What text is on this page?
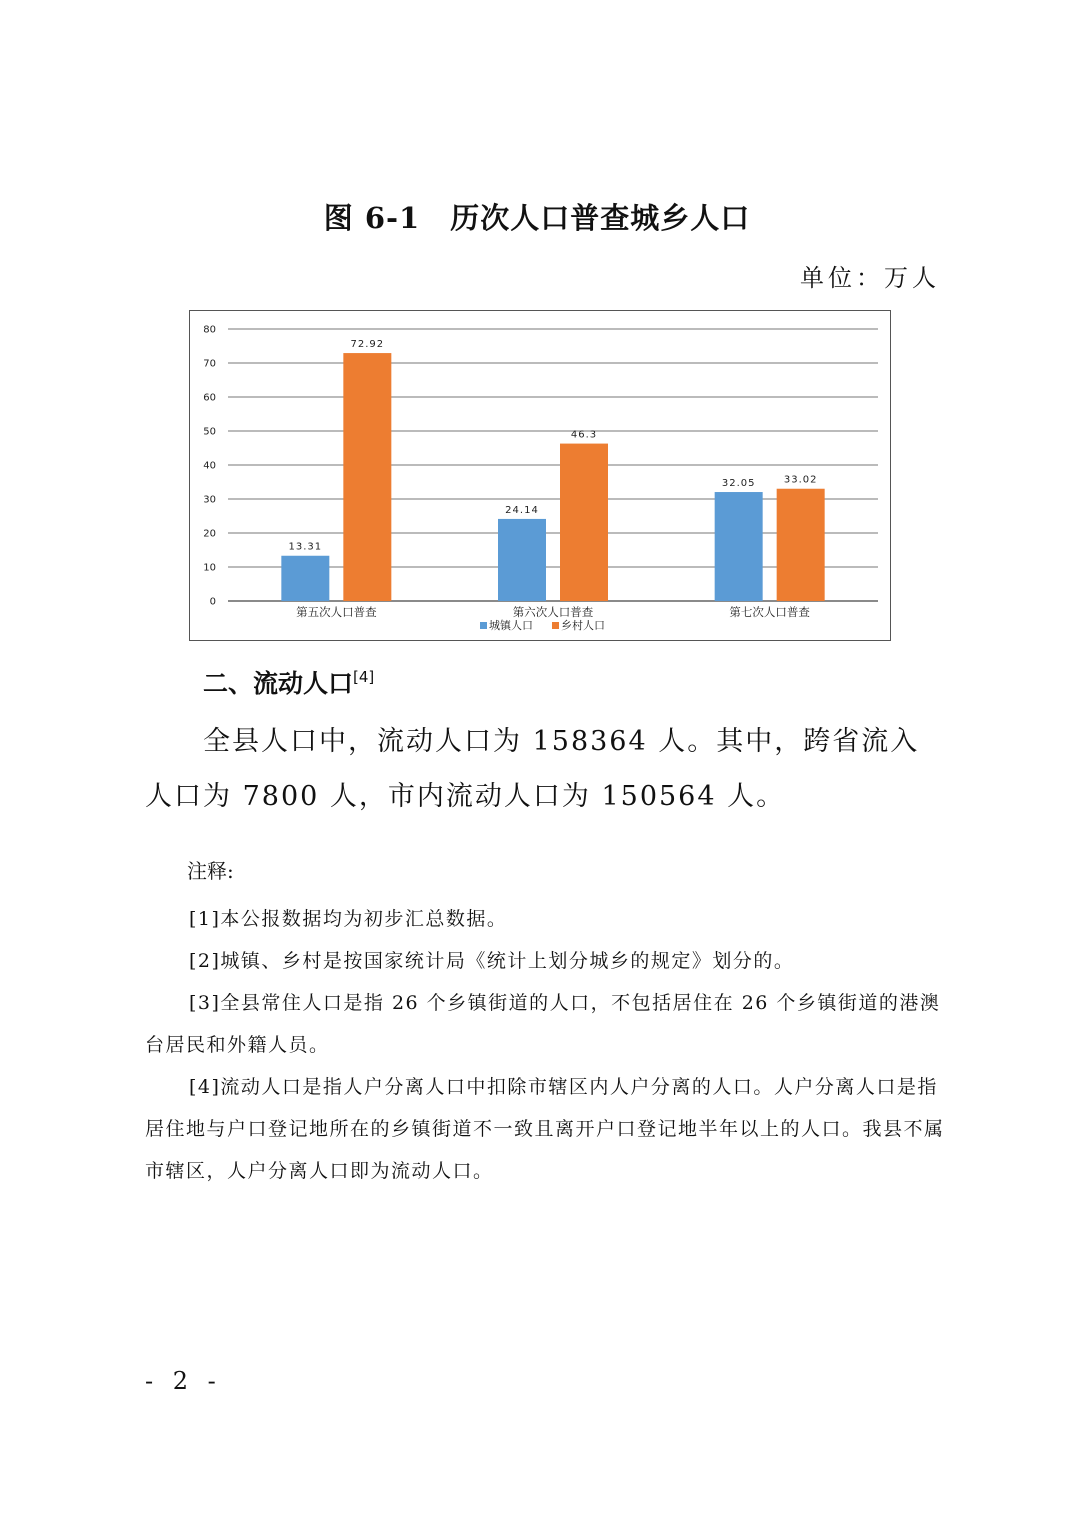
图 6-1　历次人口普查城乡人口
单位：万人
0
10
20
30
40
50
60
70
80
13.31
72.92
第五次人口普查
24.14
46.3
第六次人口普查
32.05	33.02
第七次人口普查
城镇人口	乡村人口
二、流动人口[4]

全县人口中，流动人口为 158364 人。其中，跨省流入人口为 7800 人，市内流动人口为 150564 人。

注释:
[1]本公报数据均为初步汇总数据。
[2]城镇、乡村是按国家统计局《统计上划分城乡的规定》划分的。
[3]全县常住人口是指 26 个乡镇街道的人口，不包括居住在 26 个乡镇街道的港澳台居民和外籍人员。
[4]流动人口是指人户分离人口中扣除市辖区内人户分离的人口。人户分离人口是指居住地与户口登记地所在的乡镇街道不一致且离开户口登记地半年以上的人口。我县不属市辖区，人户分离人口即为流动人口。
- 2 -
